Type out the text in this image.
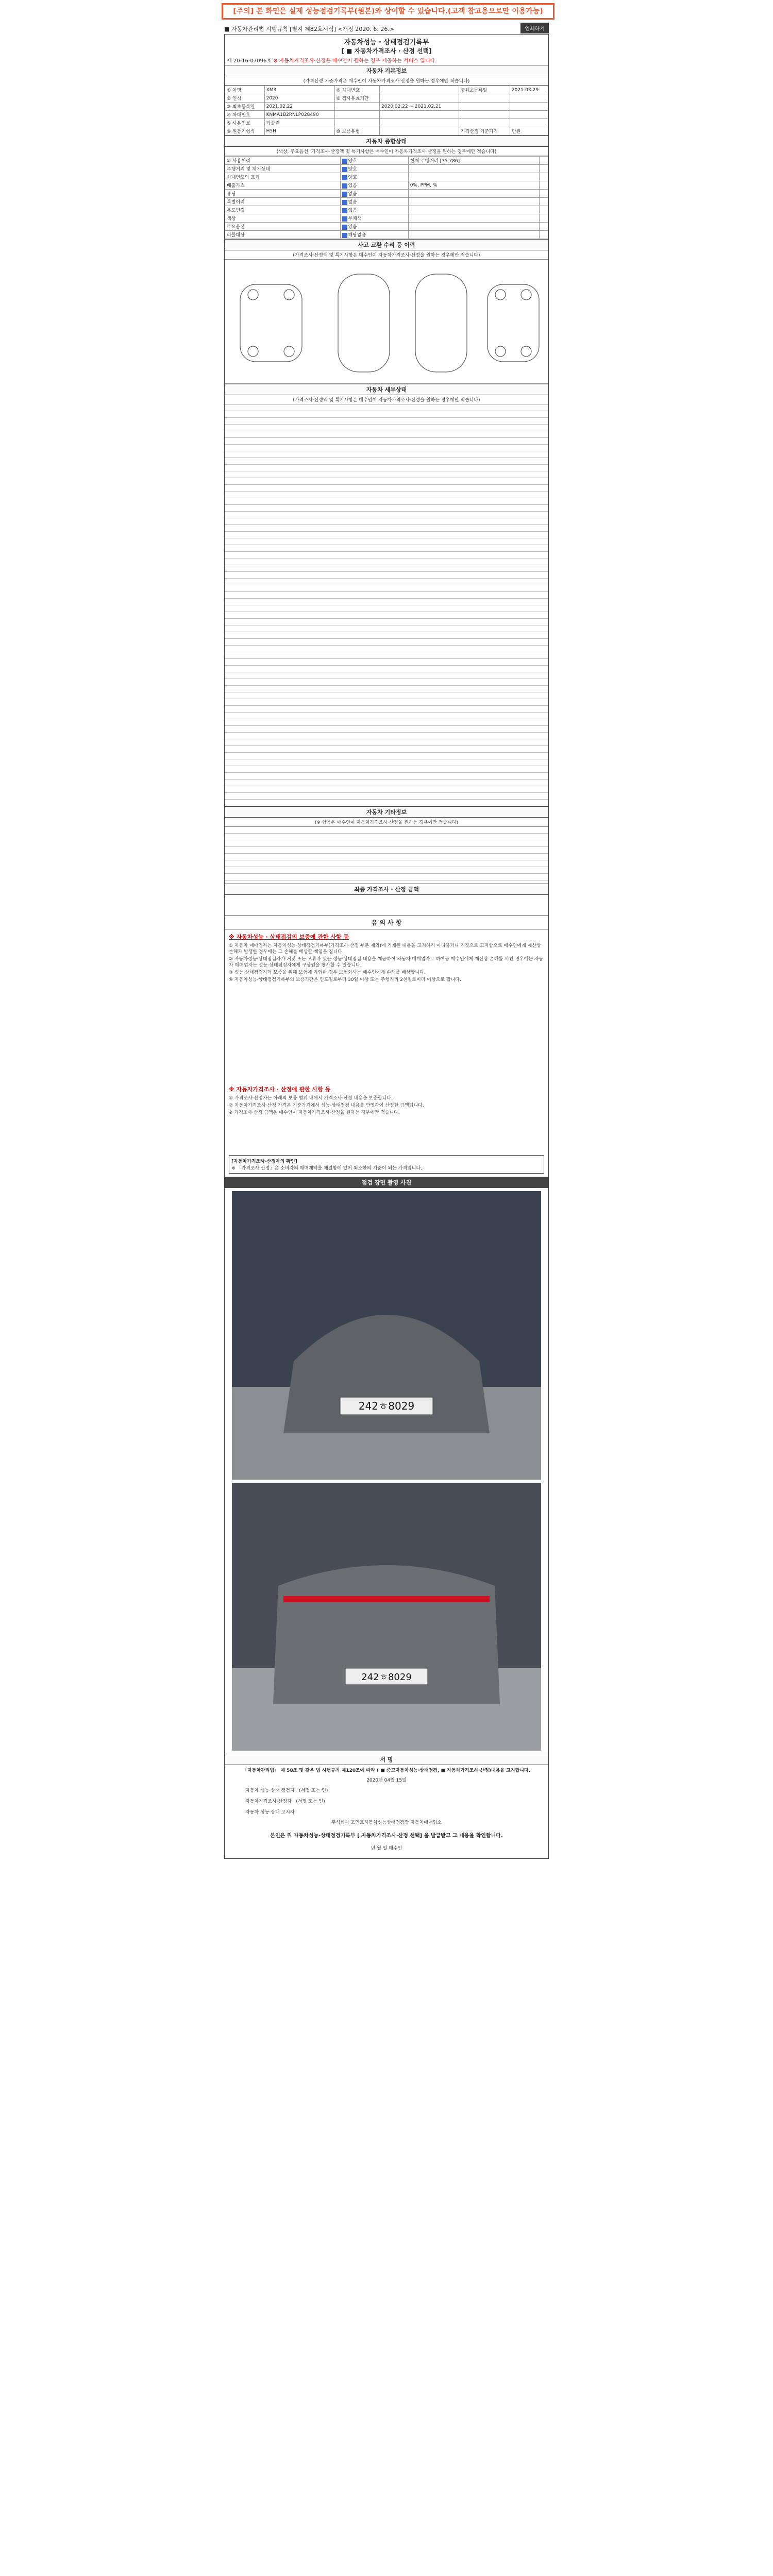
[주의] 본 화면은 실제 성능점검기록부(원본)와 상이할 수 있습니다.(고객 참고용으로만 이용가능)
■ 자동차관리법 시행규칙 [별지 제82호서식] <개정 2020. 6. 26.>	인쇄하기
자동차성능 · 상태점검기록부
[ ■ 자동차가격조사 · 산정 선택]
제 20-16-07096호 ※ 자동차가격조사·산정은 매수인이 원하는 경우 제공하는 서비스 입니다.
자동차 기본정보
(가격산정 기준가격은 매수인이 자동차가격조사·산정을 원하는 경우에만 적습니다)
① 차명	XM3	⑧ 차대번호		⑦최초등록일	2021-03-29
② 연식	2020	⑥ 검사유효기간			
③ 최초등록일	2021.02.22		2020.02.22 ~ 2021.02.21		
④ 차대번호	KNMA1B2RNLP028490				
⑤ 사용연료	가솔린				
⑥ 원동기형식	H5H	⑩ 보증유형		가격산정 기준가격	만원
자동차 종합상태
(색상, 주요옵션, 가격조사·산정액 및 특기사항은 매수인이 자동차가격조사·산정을 원하는 경우에만 적습니다)
① 사용이력	양호	현재 주행거리 [35,786]	
주행거리 및 계기상태	양호		
차대번호의 표기	양호		
배출가스	있음	0%, PPM, %	
튜닝	없음		
특별이력	없음		
용도변경	없음		
색상	무채색		
주요옵션	있음		
리콜대상	해당없음		
사고 교환 수리 등 이력
(가격조사·산정액 및 특기사항은 매수인이 자동차가격조사·산정을 원하는 경우에만 적습니다)
자동차 세부상태
(가격조사·산정액 및 특기사항은 매수인이 자동차가격조사·산정을 원하는 경우에만 적습니다)
자동차 기타정보
(※ 항목은 매수인이 자동차가격조사·산정을 원하는 경우에만 적습니다)
최종 가격조사 · 산정 금액
유 의 사 항
※ 자동차성능 · 상태점검의 보증에 관한 사항 등
① 자동차 매매업자는 자동차성능·상태점검기록부(가격조사·산정 부분 제외)에 기재된 내용을 고지하지 아니하거나 거짓으로 고지함으로 매수인에게 재산상 손해가 발생한 경우에는 그 손해를 배상할 책임을 집니다.
② 자동차성능·상태점검자가 거짓 또는 오류가 있는 성능·상태점검 내용을 제공하여 자동차 매매업자로 하여금 매수인에게 재산상 손해를 끼친 경우에는 자동차 매매업자는 성능·상태점검자에게 구상권을 행사할 수 있습니다.
③ 성능·상태점검자가 보증을 위해 보험에 가입한 경우 보험회사는 매수인에게 손해를 배상합니다.
④ 자동차성능·상태점검기록부의 보증기간은 인도일로부터 30일 이상 또는 주행거리 2천킬로미터 이상으로 합니다.
※ 자동차가격조사 · 산정에 관한 사항 등
① 가격조사·산정자는 아래의 보증 범위 내에서 가격조사·산정 내용을 보증합니다.
② 자동차가격조사·산정 가격은 기준가격에서 성능·상태점검 내용을 반영하여 산정한 금액입니다.
※ 가격조사·산정 금액은 매수인이 자동차가격조사·산정을 원하는 경우에만 적습니다.
[자동차가격조사·산정자의 확인]
※ 「가격조사·산정」은 소비자의 매매계약을 체결함에 있어 최소한의 기준이 되는 가격입니다.
점검 장면 촬영 사진
242ㅎ8029
242ㅎ8029
서 명
「자동차관리법」 제 58조 및 같은 법 시행규칙 제120조에 따라 ( ■ 중고자동차성능·상태점검, ■ 자동차가격조사·산정)내용을 고지합니다.
2020년 04월 15일
자동차 성능·상태 점검자 (서명 또는 인)
자동차가격조사·산정자 (서명 또는 인)
자동차 성능·상태 고지자
주식회사 포인트자동차성능상태점검장 자동차매매업소
본인은 위 자동차성능·상태점검기록부 [ 자동차가격조사·산정 선택] 을 발급받고 그 내용을 확인합니다.
년 월 일 매수인
